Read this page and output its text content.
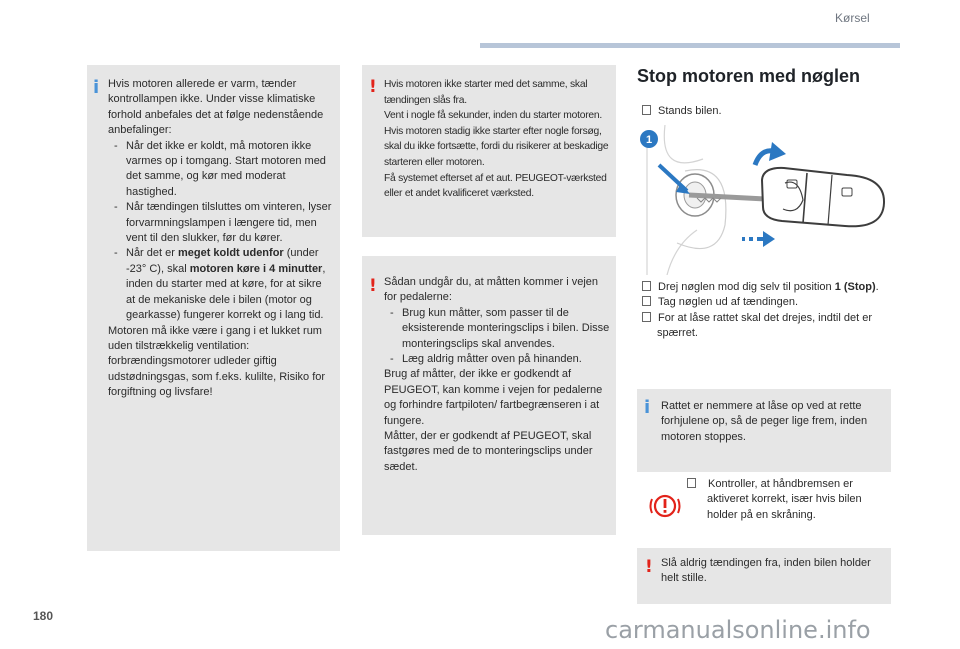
Kørsel
i Hvis motoren allerede er varm, tænder kontrollampen ikke. Under visse klimatiske forhold anbefales det at følge nedenstående anbefalinger:

- Når det ikke er koldt, må motoren ikke varmes op i tomgang. Start motoren med det samme, og kør med moderat hastighed.

- Når tændingen tilsluttes om vinteren, lyser forvarmningslampen i længere tid, men vent til den slukker, før du kører.

- Når det er meget koldt udenfor (under -23° C), skal motoren køre i 4 minutter, inden du starter med at køre, for at sikre at de mekaniske dele i bilen (motor og gearkasse) fungerer korrekt og i lang tid.

Motoren må ikke være i gang i et lukket rum uden tilstrækkelig ventilation: forbrændingsmotorer udleder giftig udstødningsgas, som f.eks. kulilte, Risiko for forgiftning og livsfare!

! Hvis motoren ikke starter med det samme, skal tændingen slås fra.

Vent i nogle få sekunder, inden du starter motoren. Hvis motoren stadig ikke starter efter nogle forsøg, skal du ikke fortsætte, fordi du risikerer at beskadige starteren eller motoren.

Få systemet efterset af et aut. PEUGEOT-værksted eller et andet kvalificeret værksted.

! Sådan undgår du, at måtten kommer i vejen for pedalerne:

- Brug kun måtter, som passer til de eksisterende monteringsclips i bilen. Disse monteringsclips skal anvendes.

- Læg aldrig måtter oven på hinanden.

Brug af måtter, der ikke er godkendt af PEUGEOT, kan komme i vejen for pedalerne og forhindre fartpiloten/ fartbegrænseren i at fungere.

Måtter, der er godkendt af PEUGEOT, skal fastgøres med de to monteringsclips under sædet.

Stop motoren med nøglen
Stands bilen.
1
Drej nøglen mod dig selv til position 1 (Stop).
Tag nøglen ud af tændingen.
For at låse rattet skal det drejes, indtil det er spærret.
i Rattet er nemmere at låse op ved at rette forhjulene op, så de peger lige frem, inden motoren stoppes.
Kontroller, at håndbremsen er aktiveret korrekt, især hvis bilen holder på en skråning.
! Slå aldrig tændingen fra, inden bilen holder helt stille.
180	carmanualsonline.info
